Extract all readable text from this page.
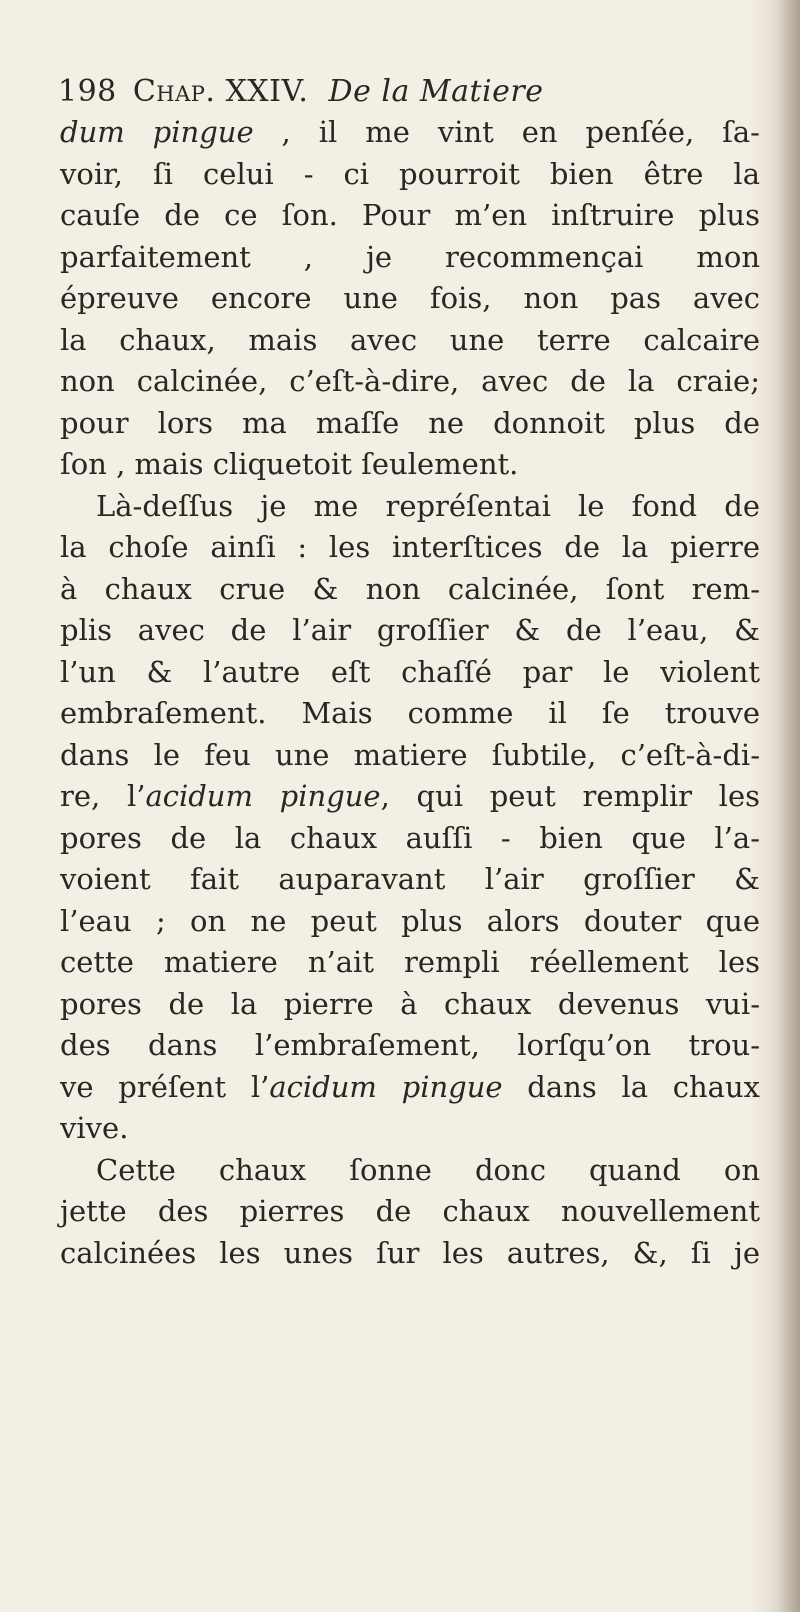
198 Chap. XXIV. De la Matiere
dum pingue , il me vint en penſée, ſa-
voir, ſi celui - ci pourroit bien être la
cauſe de ce ſon. Pour m’en inſtruire plus
parfaitement , je recommençai mon
épreuve encore une fois, non pas avec
la chaux, mais avec une terre calcaire
non calcinée, c’eſt-à-dire, avec de la craie;
pour lors ma maſſe ne donnoit plus de
ſon , mais cliquetoit ſeulement.
Là-deſſus je me repréſentai le fond de
la choſe ainſi : les interſtices de la pierre
à chaux crue & non calcinée, ſont rem-
plis avec de l’air groſſier & de l’eau, &
l’un & l’autre eſt chaſſé par le violent
embraſement. Mais comme il ſe trouve
dans le feu une matiere ſubtile, c’eſt-à-di-
re, l’acidum pingue, qui peut remplir les
pores de la chaux auſſi - bien que l’a-
voient fait auparavant l’air groſſier &
l’eau ; on ne peut plus alors douter que
cette matiere n’ait rempli réellement les
pores de la pierre à chaux devenus vui-
des dans l’embraſement, lorſqu’on trou-
ve préſent l’acidum pingue dans la chaux
vive.
Cette chaux ſonne donc quand on
jette des pierres de chaux nouvellement
calcinées les unes ſur les autres, &, ſi je
